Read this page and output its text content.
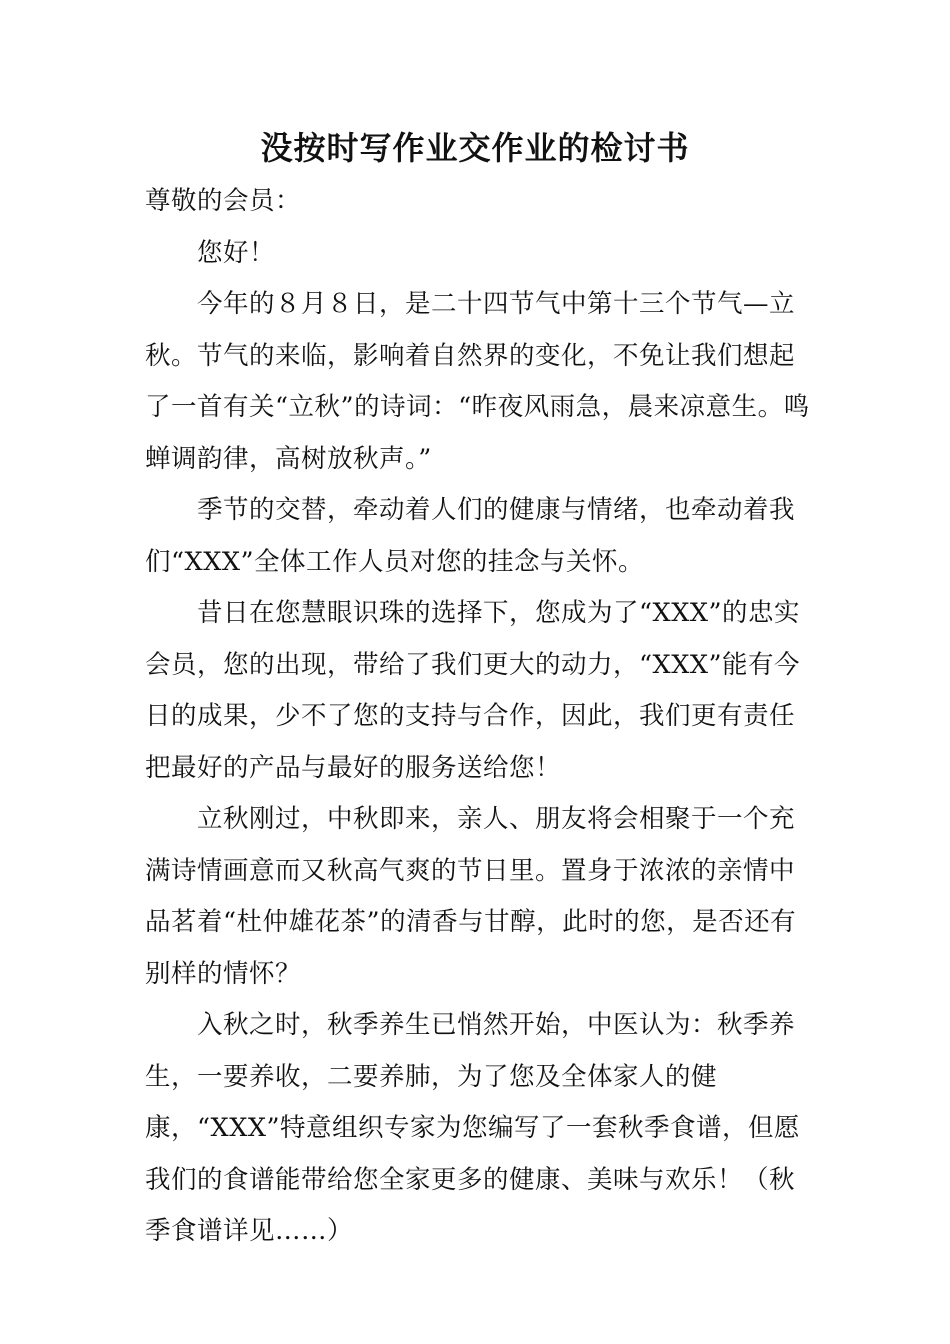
没按时写作业交作业的检讨书

尊敬的会员：

您好！

今年的８月８日，是二十四节气中第十三个节气—立秋。节气的来临，影响着自然界的变化，不免让我们想起了一首有关“立秋”的诗词：“昨夜风雨急，晨来凉意生。鸣蝉调韵律，高树放秋声。”

季节的交替，牵动着人们的健康与情绪，也牵动着我们“XXX”全体工作人员对您的挂念与关怀。

昔日在您慧眼识珠的选择下，您成为了“XXX”的忠实会员，您的出现，带给了我们更大的动力，“XXX”能有今日的成果，少不了您的支持与合作，因此，我们更有责任把最好的产品与最好的服务送给您！

立秋刚过，中秋即来，亲人、朋友将会相聚于一个充满诗情画意而又秋高气爽的节日里。置身于浓浓的亲情中品茗着“杜仲雄花茶”的清香与甘醇，此时的您，是否还有别样的情怀？

入秋之时，秋季养生已悄然开始，中医认为：秋季养生，一要养收，二要养肺，为了您及全体家人的健康，“XXX”特意组织专家为您编写了一套秋季食谱，但愿我们的食谱能带给您全家更多的健康、美味与欢乐！（秋季食谱详见……）
